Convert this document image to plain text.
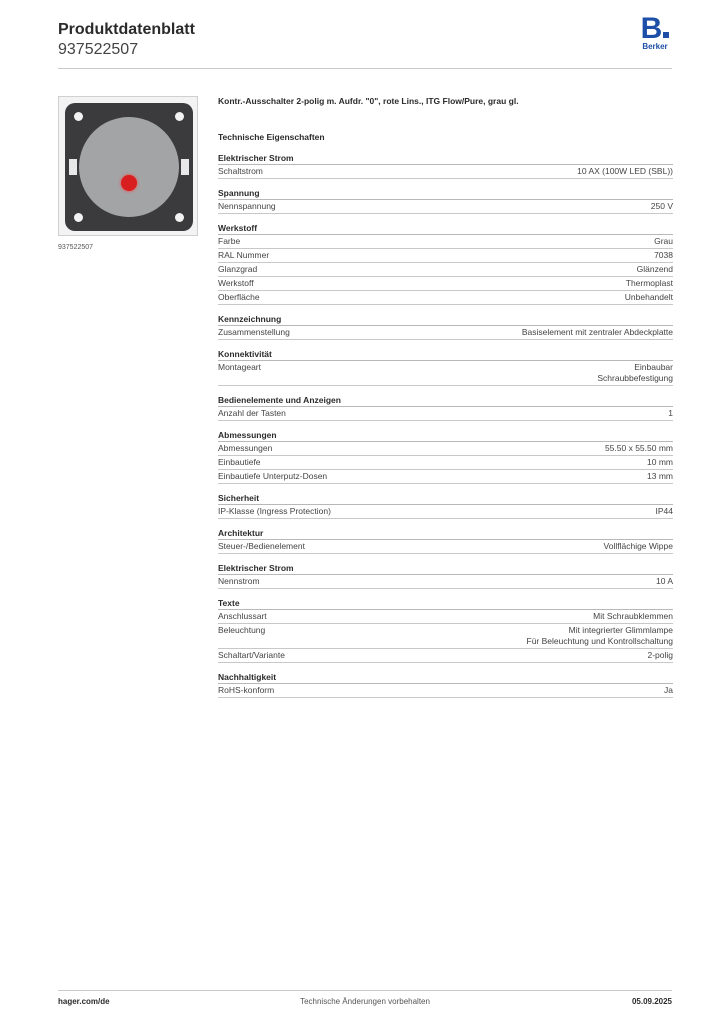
Produktdatenblatt
937522507
B
Berker
937522507
Kontr.-Ausschalter 2-polig m. Aufdr. "0", rote Lins., ITG Flow/Pure, grau gl.
Technische Eigenschaften
Elektrischer Strom
Schaltstrom	10 AX (100W LED (SBL))
Spannung
Nennspannung	250 V
Werkstoff
Farbe	Grau
RAL Nummer	7038
Glanzgrad	Glänzend
Werkstoff	Thermoplast
Oberfläche	Unbehandelt
Kennzeichnung
Zusammenstellung	Basiselement mit zentraler Abdeckplatte
Konnektivität
Montageart	Einbaubar
Schraubbefestigung
Bedienelemente und Anzeigen
Anzahl der Tasten	1
Abmessungen
Abmessungen	55.50 x 55.50 mm
Einbautiefe	10 mm
Einbautiefe Unterputz-Dosen	13 mm
Sicherheit
IP-Klasse (Ingress Protection)	IP44
Architektur
Steuer-/Bedienelement	Vollflächige Wippe
Elektrischer Strom
Nennstrom	10 A
Texte
Anschlussart	Mit Schraubklemmen
Beleuchtung	Mit integrierter Glimmlampe
Für Beleuchtung und Kontrollschaltung
Schaltart/Variante	2-polig
Nachhaltigkeit
RoHS-konform	Ja
hager.com/de	Technische Änderungen vorbehalten	05.09.2025
